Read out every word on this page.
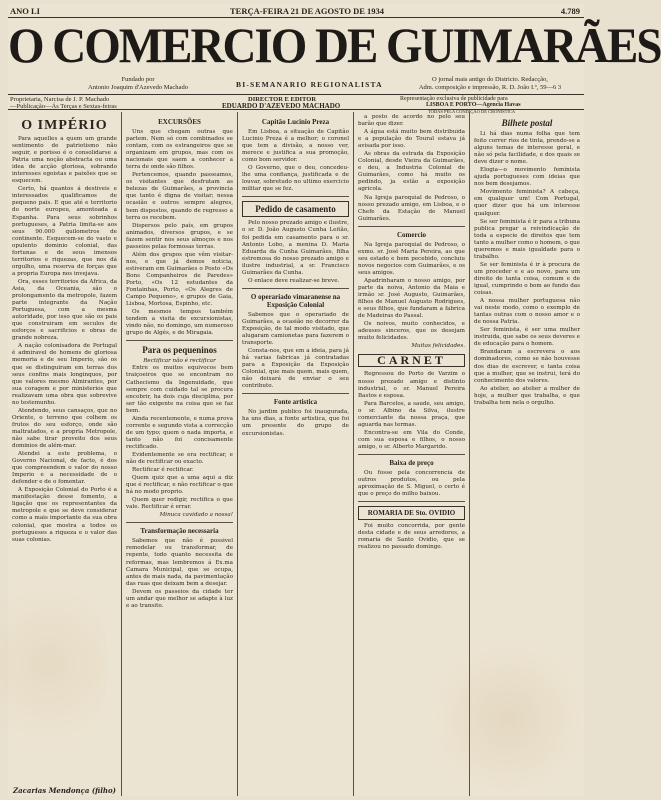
ANO LI	TERÇA-FEIRA 21 DE AGOSTO DE 1934	4.789
O COMERCIO DE GUIMARÃES
Fundado por
Antonio Joaquim d'Azevedo Machado	BI-SEMANARIO REGIONALISTA
O jornal mais antigo do Districto. Redacção,
Adm. composição e impressão, R. D. João I.º, 59—6 3
Proprietaria, Narcisa de J. P. Machado
—Publicação—Ás Terças e Sextas-feiras
DIRECTOR E EDITOR
EDUARDO D'AZEVEDO MACHADO
Representação exclusiva de publicidade para
LISBOA E PORTO—Agencia Havas
TODAS PELA CONDIÇÃO DE CRONÍSTICA
O IMPÉRIO

Para aquelles a quem um grande sentimento de patriotismo não seguir, e porisso é o consolidarse a Patria uma noção abstracta ou uma idea de acção gloriosa, sobrando interesses egoistas e paixões que se esquecem.

Certo, há quantos á destiveis e interessados qualificamos de pequeno pais. E que até e territorio do norte europeu, amontoada a Espanha. Para seus sobrinhos portugueses, a Patria limita-se aos seus 90.000 quilometros de continente. Esquecem-se do vasto e opulento dominio colonial, das fortunas e de seus imensos territorios e riquezas, que nos dá orgulho, uma reserva de forças que a propria Europa nos invejava.

Ora, esses territorios da Africa, da Asia, da Oceania, são o prolongamento da metropole, fazem parte integrante da Nação Portuguesa, com a mesma autoridade, por isso que são os pais que construiram em seculos de esforços e sacrificios e obras de grande nobreza.

A nação colonisadora de Portugal é admiravel de homens de gloriosa memoria e de seu Imperio, são os que se distinguiram em terras dos seus confins mais longinquos, por que valores mesmo Almirantes, por sua coragem e por ministerios que realizavam uma obra que sobrevive no testemunho.

Atendendo, seus cansaços, que no Oriente, o terreno que colhem os frutos do seu esforço, onde são maltratados, e a propria Metropole, não sabe tirar proveito dos seus dominios de além-mar.

Atendei a este problema, o Governo Nacional, de facto, é dos que compreendem o valor do nosso Imperio e a necessidade de o defender e de o fomentar.

A Exposição Colonial do Porto é a manifestação desse fomento, a ligação que os representantes da metropole e que se deve considerar como a mais importante da sua obra colonial, que mostra a todos os portugueses a riqueza e o valor das suas colonias.

Zacarias Mendonça (filho)
EXCURSÕES

Uns que chegam outras que partem. Nem só com combinados se contam, com os estrangeiros que se organizam em grupos, mas com os nacionais que saem a conhecer a terra de onde são filhos.

Pertencemos, quando passeamos, os visitantes que desfrutam as belezas de Guimarães, a provincia que tanto é digna de visitar; nessa ocasião e outros sempre alegres, bem dispostos, quando de regresso a terra os recebem.

Dispersos pelo país, em grupos animados, diversos grupos, e se fazem sentir nos seus almoços e nos passeios pelas formosas terras.

Além dos grupos que vêm visitar-nos, e que já demos noticia, estiveram em Guimarães o Posto «Os Bons Companheiros de Paredes» Porto, «Os 12 estudantes da Fontainhas, Porto, «Os Alegres de Campo Pequeno», e grupos de Gaia, Lisboa, Mortosa, Espinho, etc.

Os mesmos tempos também tendem a visita de excursionistas, vindo não, no domingo, um numeroso grupo de Algés, e de Miragaia.

Para os pequeninos
Rectificar não é rectificar

Entre os muitos equivocos bem traiçoeiros que se encontram no Cathecismo da Ingenuidade, que sempre com cuidado tal se procura encobrir, ha dois cuja disciplina, por ser tão exigente na coisa que se faz bem.

Ainda recentemente, e numa prova corrente e segundo vista a correcção de um typo; quem o nada importa, e tanto não foi concisamente rectificado.

Evidentemente se era rectificar, e não de rectificar ou exacto.

Rectificar é rectificar.

Quem quiz que a uma aqui a diz que é rectificar, e não rectificar o que há no modo proprio.

Quem quer redigir, rectifica o que vale. Rectificar é errar.

Minuca cavidado a nossa!
Transformação necessaria

Sabemos que não é possivel remodelar ou transformar, de repente, todo quanto necessita de reformas, mas lembremos á Ex.ma Camara Municipal, que se ocupa, antes de mais nada, da pavimentação das ruas que deixam bem a desejar.

Devem os passeios da cidade ter um andar que melhor se adapte à luz e ao transito.

Capitão Lucinio Preza

Em Lisboa, a situação de Capitão Lucinio Preza é a melhor; o coronel que tem a divisão, a nosso ver, merece e justifica a sua promoção, como bom servidor.

O Governo, que o deu, concedeu-lhe uma confiança, justificada e de louvar, sobretudo no ultimo exercicio militar que se fez.

Pedido de casamento

Pelo nosso prezado amigo e ilustre, o sr. D. João Augusto Cunha Leitão, foi pedida em casamento para o sr. Antonio Lobo, a menina D. Maria Eduarda da Cunha Guimarães, filha estremosa do nosso prezado amigo e ilustre industrial, a sr. Francisco Guimarães da Cunha.

O enlace deve realizar-se breve.

O operariado vimaranense na Exposição Colonial

Sabemos que o operariado de Guimarães, a ocasião no decorrer da Exposição, de tal modo visitado, que alugaram camionetas para fazerem o transporte.

Consta-nos, que em a ideia, para já há varias fabricas já contratadas para a Exposição da Exposição Colonial, que mais quem, mais quem, não deixará de enviar o seu contributo.

Fonte artistica

No jardim publico foi inaugurada, ha uns dias, a fonte artistica, que foi um presente do grupo de excursionistas.

a posto de acordo no pelo seu barão que dizer.

A água está muito bem distribuida e a população do Toural estava já avisada por isso.

As obras da estrada da Exposição Colonial, desde Vieira da Guimarães, e deu, a Industria Colonial de Guimarães, como há muito os pedindo, ja estão a exposição agricola.

Na Igreja paroquial de Pedroso, o nosso prezado amigo, em Lisboa, e o Chefe da Estação de Manuel Guimarães.

Comercio

Na Igreja paroquial de Pedroso, o exmo. sr. José Maria Pereira, ao que seu estado e bem pecebido, concluiu novos negocios com Guimarães, e os seus amigos.

Apadrinharam o nosso amigo, por parte da noiva, Antonio da Maia e irmão sr. José Augusto, Guimarães, filhos de Manuel Augusto Rodrigues, e seus filhos, que fundaram a fabrica de Madeiras do Passal.

Os noivos, muito conhecidos, e adeuses sinceros, que os desejam muito felicidades.

Muitas felicidades.
CARNET

Regressou do Porto de Varzim o nosso prezado amigo e distinto industrial, o sr. Manuel Pereira Bastos e esposa.

Para Barcelos, a saude, seu amigo, o sr. Albino da Silva, ilustre comerciante da nossa praça, que aguarda nas termas.

Encontra-se em Vila do Conde, com sua esposa e filhos, o nosso amigo, o sr. Alberto Margarido.

Baixa de preço

Ou fosse pela concorrencia de outros produtos, ou pela aproximação de S. Miguel, o certo é que o preço do milho baixou.

ROMARIA DE Sto. OVIDIO

Foi muito concorrida, por gente desta cidade e de seus arredores, a romaria de Santo Ovidio, que se realizou no passado domingo.

Bilhete postal

Li há dias numa folha que tem feito correr rios de tinta, prendo-se a alguns temas de interesse geral, e não só pela facilidade, e dos quais se deve dizer o nome.

Elogia—o movimento feminista ajuda portugueses com ideias que nos bem desejamos.

Movimento feminista? A cabeça, em qualquer um! Com Portugal, quer dizer que há um interesse qualquer.

Se ser feminista é ir para a tribuna publica pregar a reivindicação de toda a especie de direitos que tem tanto a mulher como o homem, o que queremos e mais igualdade para o trabalho.

Se ser feminista é ir à procura de um proceder e e ao novo, para um direito de tanta coisa, comum e de igual, cumprindo o bom ao fundo das coisas.

A nossa mulher portuguesa não vai neste modo, como o exemplo de tantas outras com o nosso amor e o de nossa Patria.

Ser feminista, é ser uma mulher instruida, que sabe os seus deveres e de educação para o homem.

Brandaram a escrevera o aos dominadores, como se não houvesse dos dias de escrever, e tanta coisa que a mulher, que se instrui, terá do conhecimento dos valores.

Ao atelier, ao atelier a mulher de hoje, a mulher que trabalha, e que trabalha tem nela o orgulho.
